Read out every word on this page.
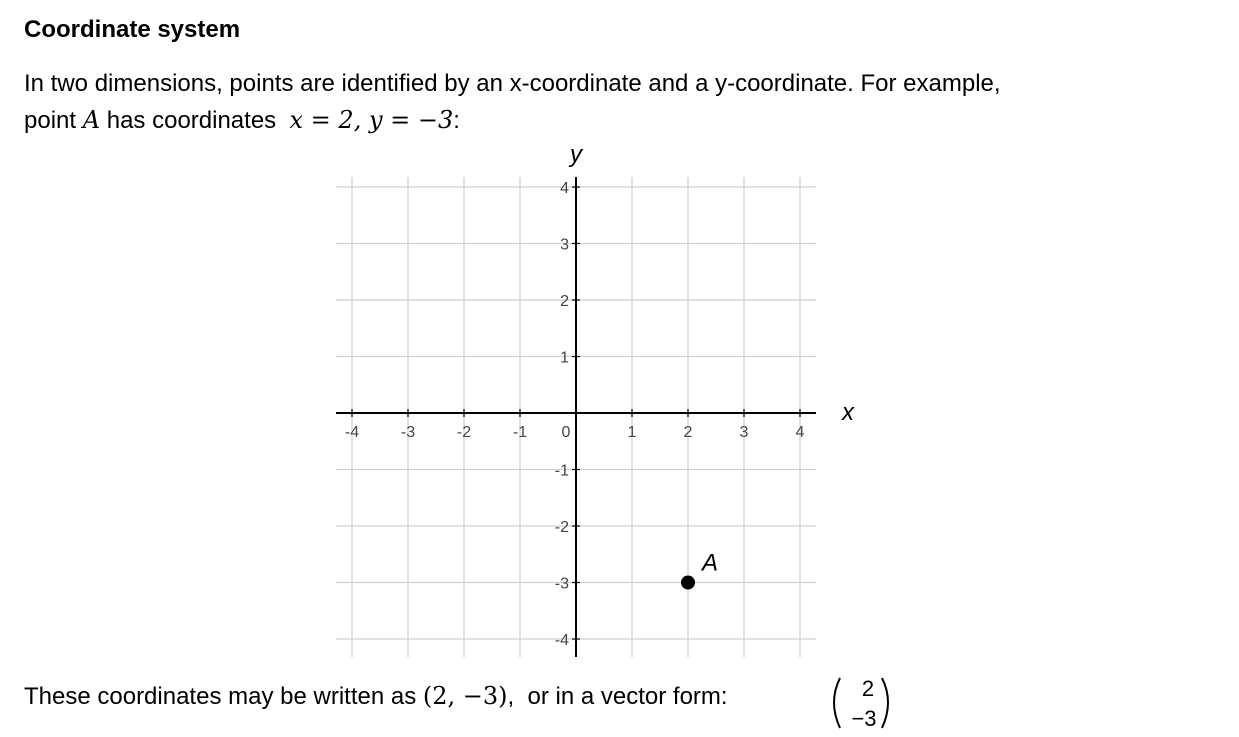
Coordinate system
In two dimensions, points are identified by an x-coordinate and a y-coordinate. For example,
point A has coordinates  x = 2, y = −3:
-4	-3	-2	-1 0	1	2	3	4
4
3
2
1
-1
-2
-3
-4
x
y
A
These coordinates may be written as (2, −3),  or in a vector form:	2
−3
